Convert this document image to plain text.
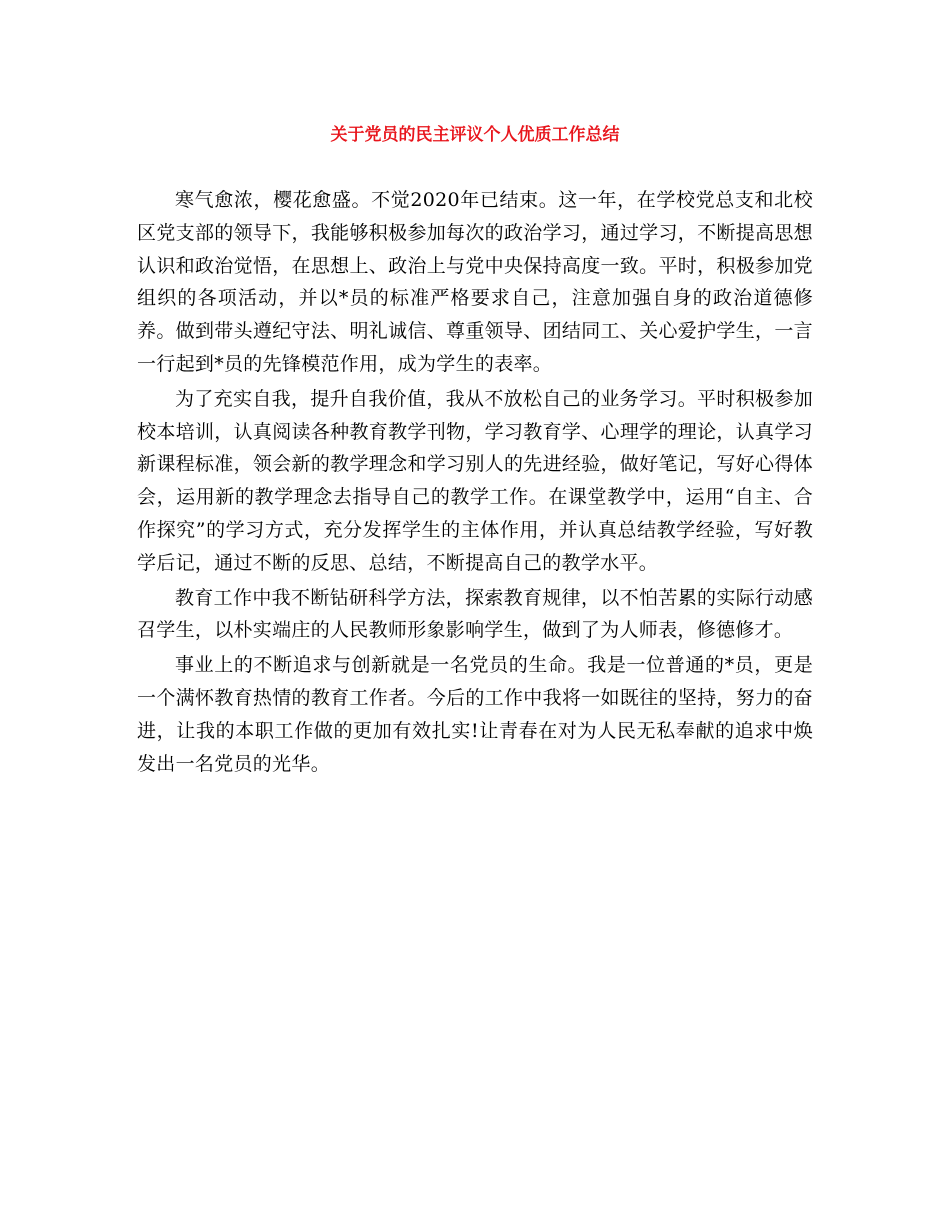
关于党员的民主评议个人优质工作总结

寒气愈浓，樱花愈盛。不觉2020年已结束。这一年，在学校党总支和北校区党支部的领导下，我能够积极参加每次的政治学习，通过学习，不断提高思想认识和政治觉悟，在思想上、政治上与党中央保持高度一致。平时，积极参加党组织的各项活动，并以*员的标准严格要求自己，注意加强自身的政治道德修养。做到带头遵纪守法、明礼诚信、尊重领导、团结同工、关心爱护学生，一言一行起到*员的先锋模范作用，成为学生的表率。

为了充实自我，提升自我价值，我从不放松自己的业务学习。平时积极参加校本培训，认真阅读各种教育教学刊物，学习教育学、心理学的理论，认真学习新课程标准，领会新的教学理念和学习别人的先进经验，做好笔记，写好心得体会，运用新的教学理念去指导自己的教学工作。在课堂教学中，运用“自主、合作探究”的学习方式，充分发挥学生的主体作用，并认真总结教学经验，写好教学后记，通过不断的反思、总结，不断提高自己的教学水平。

教育工作中我不断钻研科学方法，探索教育规律，以不怕苦累的实际行动感召学生，以朴实端庄的人民教师形象影响学生，做到了为人师表，修德修才。

事业上的不断追求与创新就是一名党员的生命。我是一位普通的*员，更是一个满怀教育热情的教育工作者。今后的工作中我将一如既往的坚持，努力的奋进，让我的本职工作做的更加有效扎实!让青春在对为人民无私奉献的追求中焕发出一名党员的光华。
